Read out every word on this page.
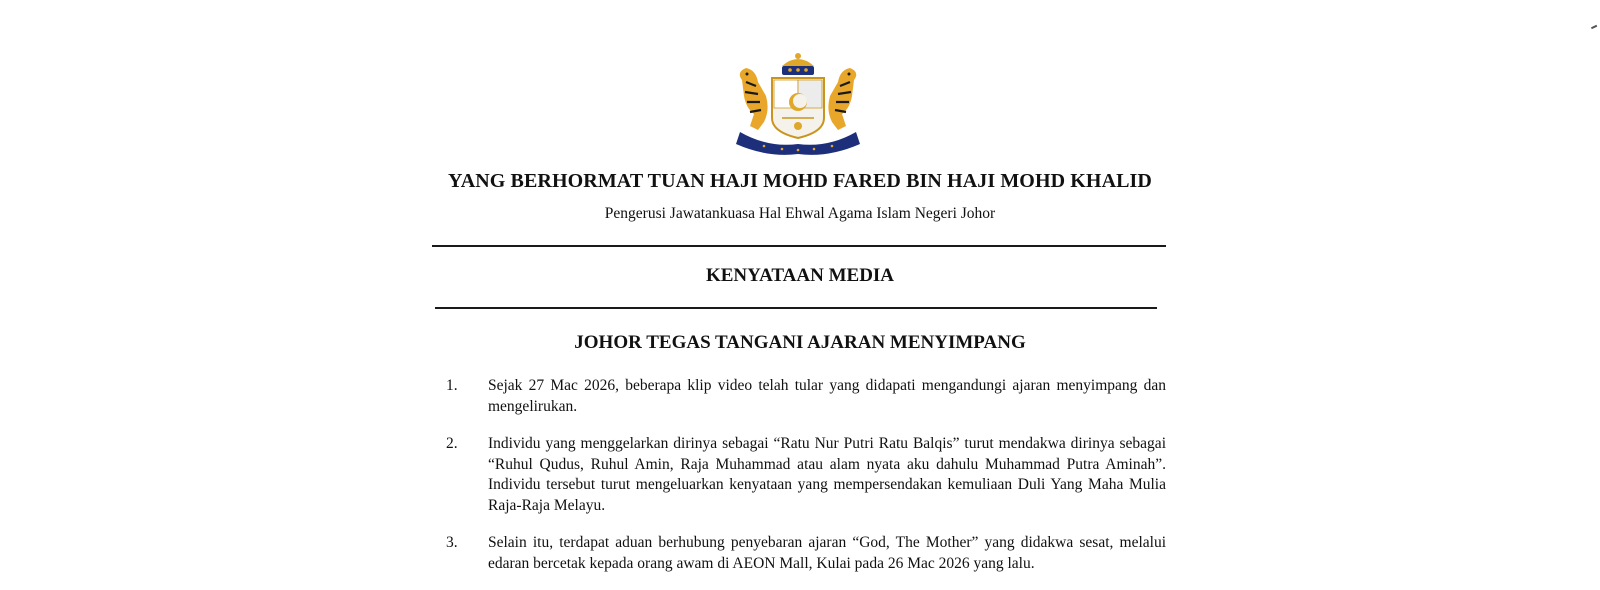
YANG BERHORMAT TUAN HAJI MOHD FARED BIN HAJI MOHD KHALID
Pengerusi Jawatankuasa Hal Ehwal Agama Islam Negeri Johor
KENYATAAN MEDIA
JOHOR TEGAS TANGANI AJARAN MENYIMPANG
1.	Sejak 27 Mac 2026, beberapa klip video telah tular yang didapati mengandungi ajaran menyimpang dan mengelirukan.
2.	Individu yang menggelarkan dirinya sebagai “Ratu Nur Putri Ratu Balqis” turut mendakwa dirinya sebagai “Ruhul Qudus, Ruhul Amin, Raja Muhammad atau alam nyata aku dahulu Muhammad Putra Aminah”. Individu tersebut turut mengeluarkan kenyataan yang mempersendakan kemuliaan Duli Yang Maha Mulia Raja-Raja Melayu.
3.	Selain itu, terdapat aduan berhubung penyebaran ajaran “God, The Mother” yang didakwa sesat, melalui edaran bercetak kepada orang awam di AEON Mall, Kulai pada 26 Mac 2026 yang lalu.
